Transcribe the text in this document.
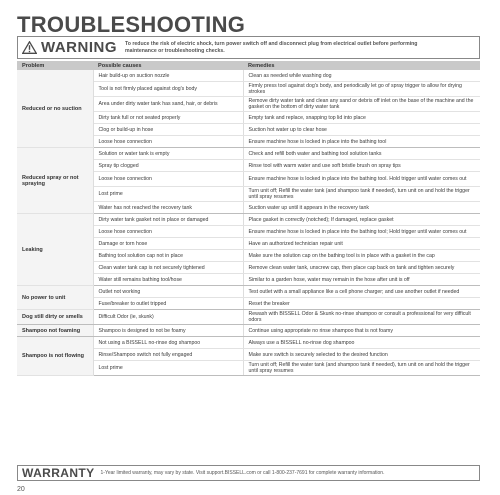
TROUBLESHOOTING
WARNING To reduce the risk of electric shock, turn power switch off and disconnect plug from electrical outlet before performing maintenance or troubleshooting checks.
Problem	Possible causes	Remedies
Reduced or no suction	Hair build-up on suction nozzle	Clean as needed while washing dog
	Tool is not firmly placed against dog's body	Firmly press tool against dog's body, and periodically let go of spray trigger to allow for drying strokes
	Area under dirty water tank has sand, hair, or debris	Remove dirty water tank and clean any sand or debris off inlet on the base of the machine and the gasket on the bottom of dirty water tank
	Dirty tank full or not seated properly	Empty tank and replace, snapping top lid into place
	Clog or build-up in hose	Suction hot water up to clear hose
	Loose hose connection	Ensure machine hose is locked in place into the bathing tool
Reduced spray or not spraying	Solution or water tank is empty	Check and refill both water and bathing tool solution tanks
	Spray tip clogged	Rinse tool with warm water and use soft bristle brush on spray tips
	Loose hose connection	Ensure machine hose is locked in place into the bathing tool. Hold trigger until water comes out
	Lost prime	Turn unit off; Refill the water tank (and shampoo tank if needed), turn unit on and hold the trigger until spray resumes
	Water has not reached the recovery tank	Suction water up until it appears in the recovery tank
Leaking	Dirty water tank gasket not in place or damaged	Place gasket in correctly (notched); If damaged, replace gasket
	Loose hose connection	Ensure machine hose is locked in place into the bathing tool; Hold trigger until water comes out
	Damage or torn hose	Have an authorized technician repair unit
	Bathing tool solution cap not in place	Make sure the solution cap on the bathing tool is in place with a gasket in the cap
	Clean water tank cap is not securely tightened	Remove clean water tank, unscrew cap, then place cap back on tank and tighten securely
	Water still remains bathing tool/hose	Similar to a garden hose, water may remain in the hose after unit is off
No power to unit	Outlet not working	Test outlet with a small appliance like a cell phone charger; and use another outlet if needed
	Fuse/breaker to outlet tripped	Reset the breaker
Dog still dirty or smells	Difficult Odor (ie, skunk)	Rewash with BISSELL Odor & Skunk no-rinse shampoo or consult a professional for very difficult odors
Shampoo not foaming	Shampoo is designed to not be foamy	Continue using appropriate no rinse shampoo that is not foamy
Shampoo is not flowing	Not using a BISSELL no-rinse dog shampoo	Always use a BISSELL no-rinse dog shampoo
	Rinse/Shampoo switch not fully engaged	Make sure switch is securely selected to the desired function
	Lost prime	Turn unit off; Refill the water tank (and shampoo tank if needed), turn unit on and hold the trigger until spray resumes
WARRANTY 1-Year limited warranty, may vary by state. Visit support.BISSELL.com or call 1-800-237-7691 for complete warranty information.
20
